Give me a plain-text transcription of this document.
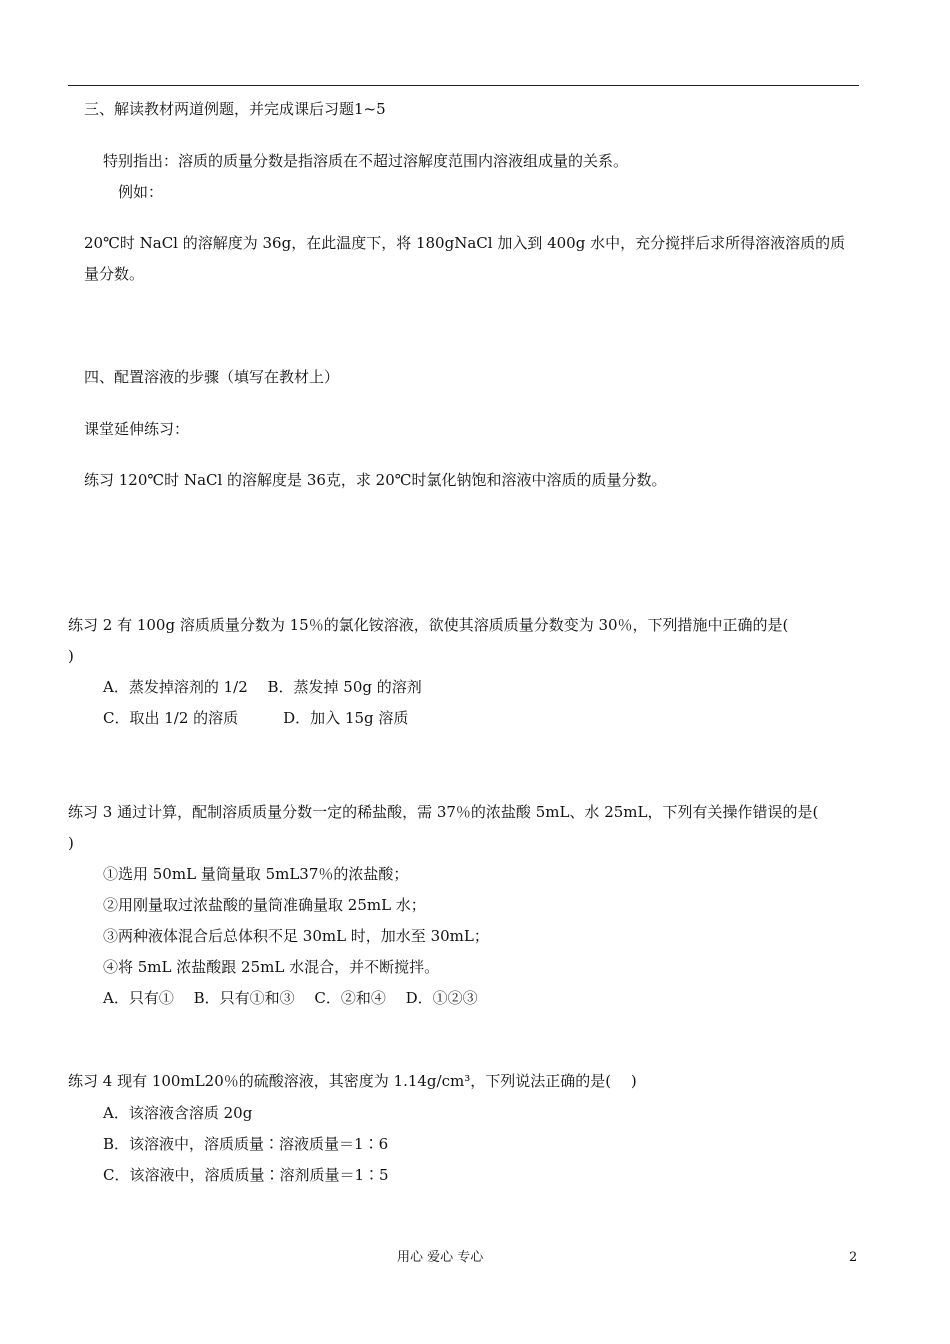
三、解读教材两道例题，并完成课后习题1~5
特别指出：溶质的质量分数是指溶质在不超过溶解度范围内溶液组成量的关系。
例如：
20℃时 NaCl 的溶解度为 36g，在此温度下，将 180gNaCl 加入到 400g 水中，充分搅拌后求所得溶液溶质的质
量分数。
四、配置溶液的步骤（填写在教材上）
课堂延伸练习：
练习 120℃时 NaCl 的溶解度是 36克，求 20℃时氯化钠饱和溶液中溶质的质量分数。
练习 2 有 100g 溶质质量分数为 15％的氯化铵溶液，欲使其溶质质量分数变为 30％，下列措施中正确的是(
)
A．蒸发掉溶剂的 1/2　 B．蒸发掉 50g 的溶剂
C．取出 1/2 的溶质　　　D．加入 15g 溶质
练习 3 通过计算，配制溶质质量分数一定的稀盐酸，需 37％的浓盐酸 5mL、水 25mL，下列有关操作错误的是(
)
①选用 50mL 量筒量取 5mL37％的浓盐酸；
②用刚量取过浓盐酸的量筒准确量取 25mL 水；
③两种液体混合后总体积不足 30mL 时，加水至 30mL；
④将 5mL 浓盐酸跟 25mL 水混合，并不断搅拌。
A．只有①　 B．只有①和③　 C．②和④　 D．①②③
练习 4 现有 100mL20％的硫酸溶液，其密度为 1.14g/cm³，下列说法正确的是(　 )
A．该溶液含溶质 20g
B．该溶液中，溶质质量∶溶液质量＝1∶6
C．该溶液中，溶质质量∶溶剂质量＝1∶5
用心 爱心 专心	2
